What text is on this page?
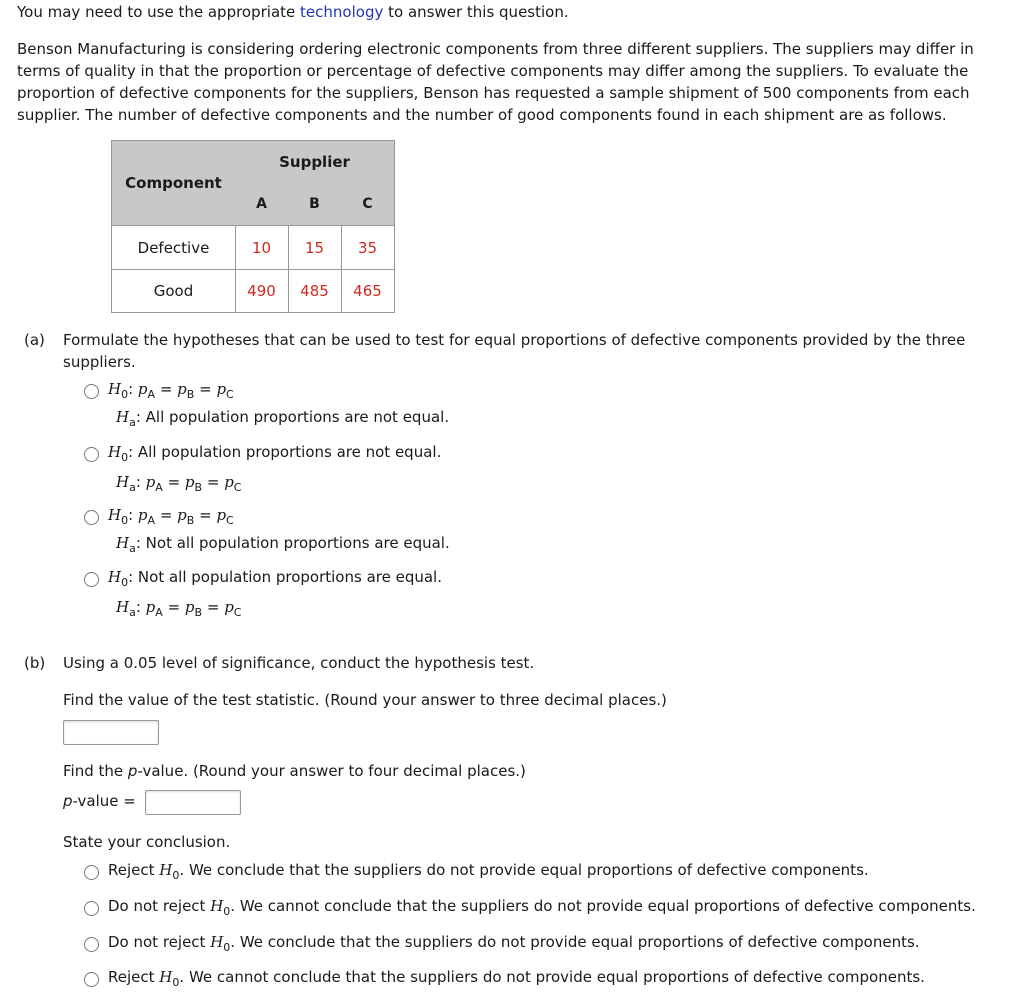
You may need to use the appropriate technology to answer this question.
Benson Manufacturing is considering ordering electronic components from three different suppliers. The suppliers may differ in
terms of quality in that the proportion or percentage of defective components may differ among the suppliers. To evaluate the
proportion of defective components for the suppliers, Benson has requested a sample shipment of 500 components from each
supplier. The number of defective components and the number of good components found in each shipment are as follows.
Component
Supplier
A	B	C
Defective	10 15 35
Good	490 485 465
(a) Formulate the hypotheses that can be used to test for equal proportions of defective components provided by the three
suppliers.
$H_0$: $p_A = p_B = p_C$
$H_a$: All population proportions are not equal.
$H_0$: All population proportions are not equal.
$H_a$: $p_A = p_B = p_C$
$H_0$: $p_A = p_B = p_C$
$H_a$: Not all population proportions are equal.
$H_0$: Not all population proportions are equal.
$H_a$: $p_A = p_B = p_C$
(b) Using a 0.05 level of significance, conduct the hypothesis test.
Find the value of the test statistic. (Round your answer to three decimal places.)
Find the p-value. (Round your answer to four decimal places.)
p-value =
State your conclusion.
Reject $H_0$. We conclude that the suppliers do not provide equal proportions of defective components.
Do not reject $H_0$. We cannot conclude that the suppliers do not provide equal proportions of defective components.
Do not reject $H_0$. We conclude that the suppliers do not provide equal proportions of defective components.
Reject $H_0$. We cannot conclude that the suppliers do not provide equal proportions of defective components.
